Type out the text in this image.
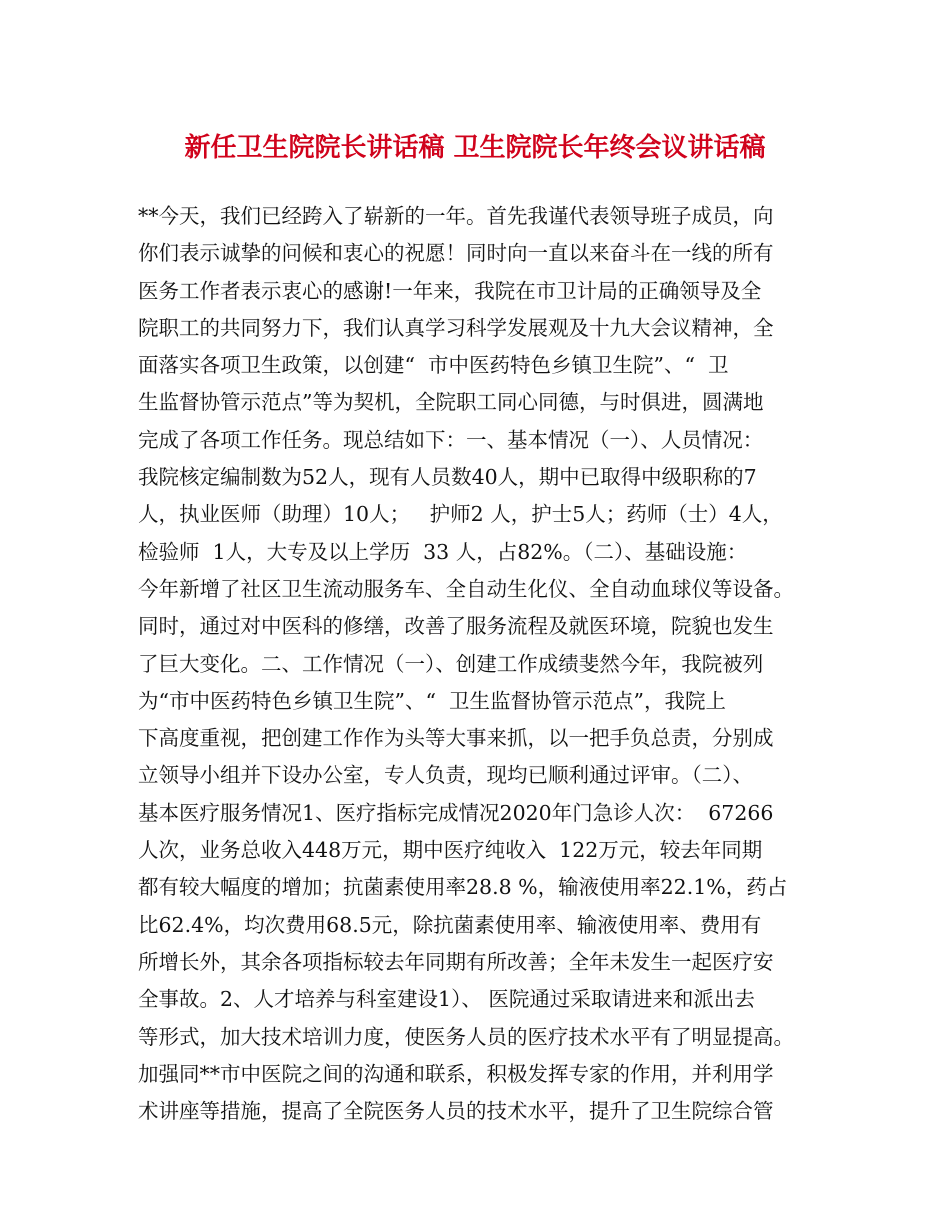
新任卫生院院长讲话稿 卫生院院长年终会议讲话稿
**今天，我们已经跨入了崭新的一年。首先我谨代表领导班子成员，向
你们表示诚挚的问候和衷心的祝愿！同时向一直以来奋斗在一线的所有
医务工作者表示衷心的感谢!一年来，我院在市卫计局的正确领导及全
院职工的共同努力下，我们认真学习科学发展观及十九大会议精神，全
面落实各项卫生政策，以创建“  市中医药特色乡镇卫生院”、“  卫
生监督协管示范点”等为契机，全院职工同心同德，与时俱进，圆满地
完成了各项工作任务。现总结如下：一、基本情况（一）、人员情况：
我院核定编制数为52人，现有人员数40人，期中已取得中级职称的7
人，执业医师（助理）10人；   护师2 人，护士5人；药师（士）4人，
检验师  1人，大专及以上学历  33 人，占82%。（二）、基础设施：
今年新增了社区卫生流动服务车、全自动生化仪、全自动血球仪等设备。
同时，通过对中医科的修缮，改善了服务流程及就医环境，院貌也发生
了巨大变化。二、工作情况（一）、创建工作成绩斐然今年，我院被列
为“市中医药特色乡镇卫生院”、“  卫生监督协管示范点”，我院上
下高度重视，把创建工作作为头等大事来抓，以一把手负总责，分别成
立领导小组并下设办公室，专人负责，现均已顺利通过评审。（二）、
基本医疗服务情况1、医疗指标完成情况2020年门急诊人次：  67266
人次，业务总收入448万元，期中医疗纯收入  122万元，较去年同期
都有较大幅度的增加；抗菌素使用率28.8 %，输液使用率22.1%，药占
比62.4%，均次费用68.5元，除抗菌素使用率、输液使用率、费用有
所增长外，其余各项指标较去年同期有所改善；全年未发生一起医疗安
全事故。2、人才培养与科室建设1）、 医院通过采取请进来和派出去
等形式，加大技术培训力度，使医务人员的医疗技术水平有了明显提高。
加强同**市中医院之间的沟通和联系，积极发挥专家的作用，并利用学
术讲座等措施，提高了全院医务人员的技术水平，提升了卫生院综合管
